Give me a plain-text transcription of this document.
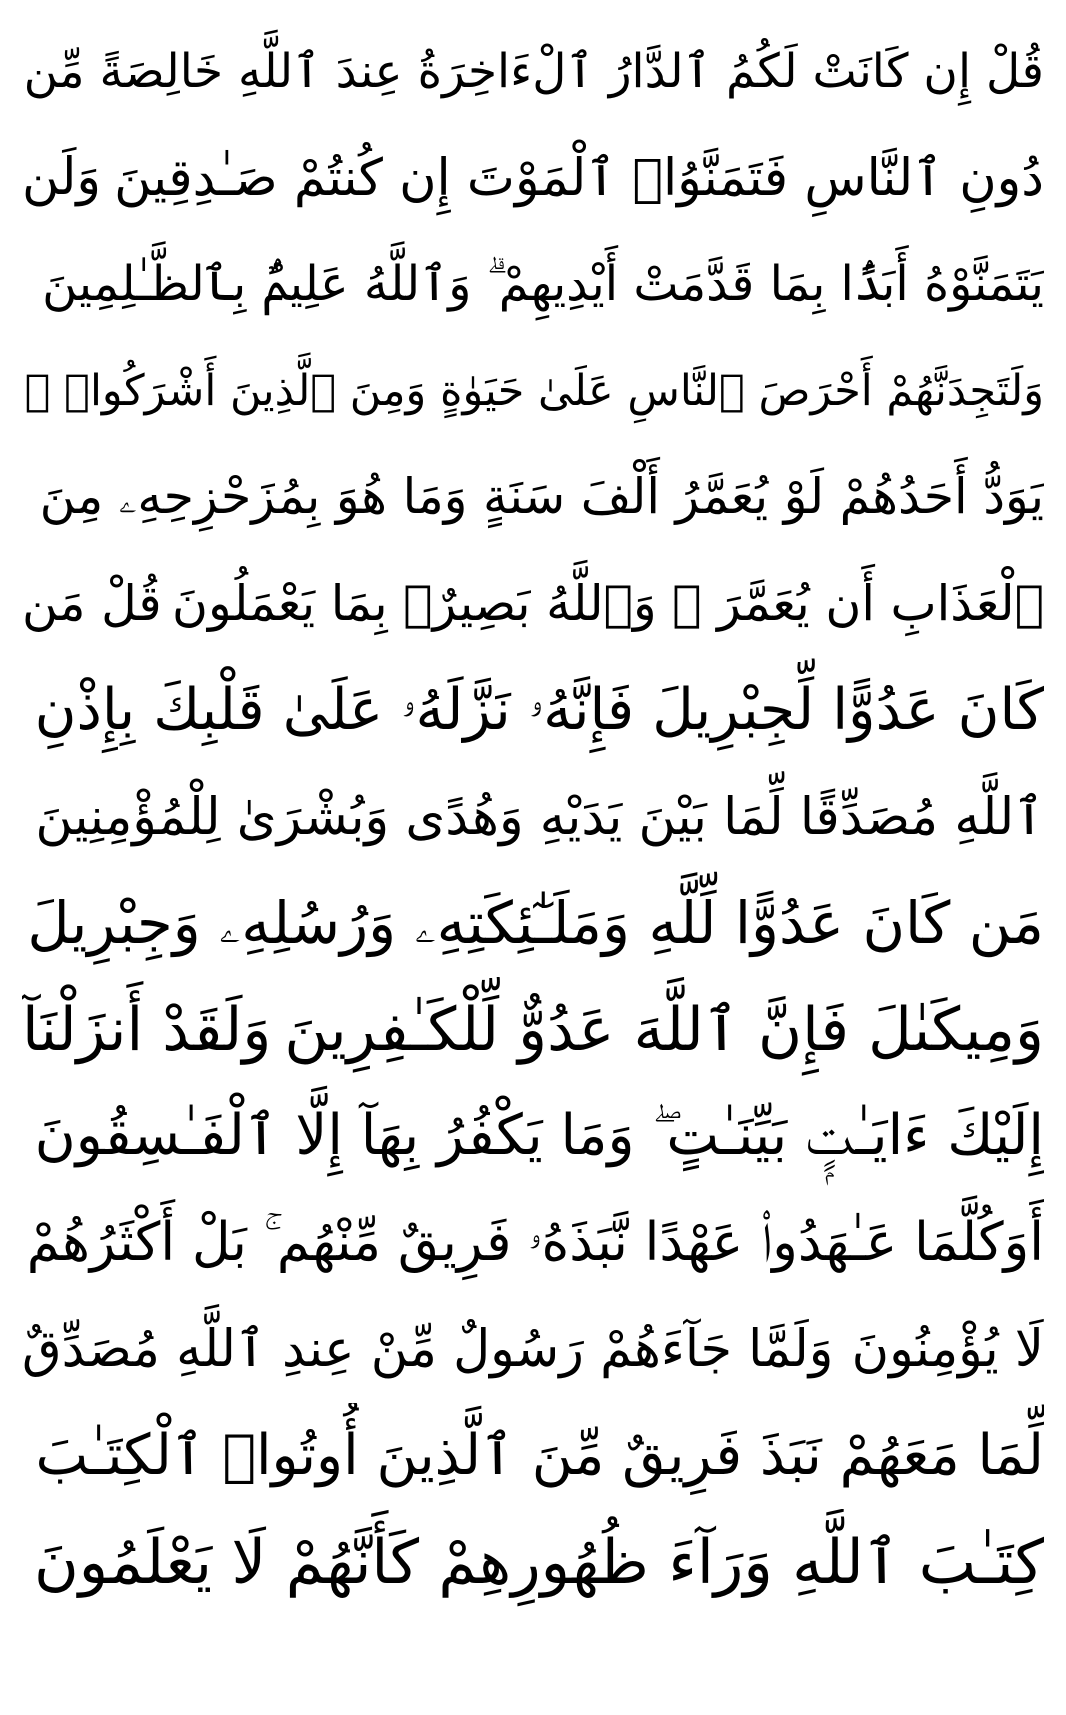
قُلْ إِن كَانَتْ لَكُمُ ٱلدَّارُ ٱلْءَاخِرَةُ عِندَ ٱللَّهِ خَالِصَةً مِّن
دُونِ ٱلنَّاسِ فَتَمَنَّوُا۟ ٱلْمَوْتَ إِن كُنتُمْ صَـٰدِقِينَ
وَلَن
يَتَمَنَّوْهُ أَبَدًۢا بِمَا قَدَّمَتْ أَيْدِيهِمْ ۗ وَٱللَّهُ عَلِيمٌۢ بِٱلظَّـٰلِمِينَ
وَلَتَجِدَنَّهُمْ أَحْرَصَ ٱلنَّاسِ عَلَىٰ حَيَوٰةٍ وَمِنَ ٱلَّذِينَ أَشْرَكُوا۟ ۚ
يَوَدُّ أَحَدُهُمْ لَوْ يُعَمَّرُ أَلْفَ سَنَةٍ وَمَا هُوَ بِمُزَحْزِحِهِۦ مِنَ
ٱلْعَذَابِ أَن يُعَمَّرَ ۗ وَٱللَّهُ بَصِيرٌۢ بِمَا يَعْمَلُونَ
قُلْ مَن
كَانَ عَدُوًّا لِّجِبْرِيلَ فَإِنَّهُۥ نَزَّلَهُۥ عَلَىٰ قَلْبِكَ بِإِذْنِ
ٱللَّهِ مُصَدِّقًا لِّمَا بَيْنَ يَدَيْهِ وَهُدًى وَبُشْرَىٰ لِلْمُؤْمِنِينَ
مَن كَانَ عَدُوًّا لِّلَّهِ وَمَلَـٰٓئِكَتِهِۦ وَرُسُلِهِۦ وَجِبْرِيلَ
وَمِيكَىٰلَ فَإِنَّ ٱللَّهَ عَدُوٌّ لِّلْكَـٰفِرِينَ
وَلَقَدْ أَنزَلْنَآ
إِلَيْكَ ءَايَـٰتٍۭ بَيِّنَـٰتٍ ۖ وَمَا يَكْفُرُ بِهَآ إِلَّا ٱلْفَـٰسِقُونَ
أَوَكُلَّمَا عَـٰهَدُوا۟ عَهْدًا نَّبَذَهُۥ فَرِيقٌ مِّنْهُم ۚ بَلْ أَكْثَرُهُمْ
لَا يُؤْمِنُونَ
وَلَمَّا جَآءَهُمْ رَسُولٌ مِّنْ عِندِ ٱللَّهِ مُصَدِّقٌ
لِّمَا مَعَهُمْ نَبَذَ فَرِيقٌ مِّنَ ٱلَّذِينَ أُوتُوا۟ ٱلْكِتَـٰبَ
كِتَـٰبَ ٱللَّهِ وَرَآءَ ظُهُورِهِمْ كَأَنَّهُمْ لَا يَعْلَمُونَ
